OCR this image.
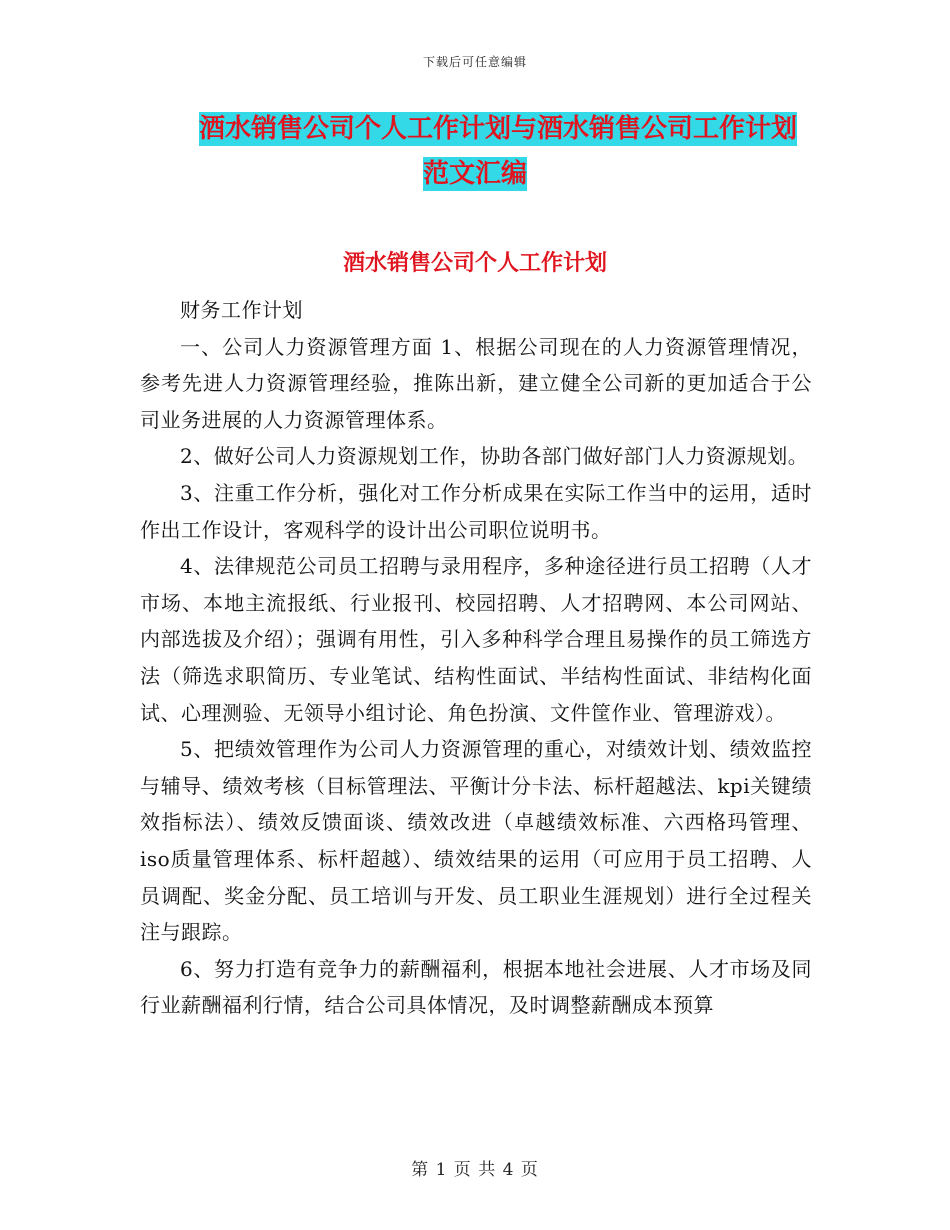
下载后可任意编辑
酒水销售公司个人工作计划与酒水销售公司工作计划
范文汇编
酒水销售公司个人工作计划

财务工作计划

一、公司人力资源管理方面 1、根据公司现在的人力资源管理情况，参考先进人力资源管理经验，推陈出新，建立健全公司新的更加适合于公司业务进展的人力资源管理体系。

2、做好公司人力资源规划工作，协助各部门做好部门人力资源规划。

3、注重工作分析，强化对工作分析成果在实际工作当中的运用，适时作出工作设计，客观科学的设计出公司职位说明书。

4、法律规范公司员工招聘与录用程序，多种途径进行员工招聘（人才市场、本地主流报纸、行业报刊、校园招聘、人才招聘网、本公司网站、内部选拔及介绍）；强调有用性，引入多种科学合理且易操作的员工筛选方法（筛选求职简历、专业笔试、结构性面试、半结构性面试、非结构化面试、心理测验、无领导小组讨论、角色扮演、文件筐作业、管理游戏）。

5、把绩效管理作为公司人力资源管理的重心，对绩效计划、绩效监控与辅导、绩效考核（目标管理法、平衡计分卡法、标杆超越法、kpi关键绩效指标法）、绩效反馈面谈、绩效改进（卓越绩效标准、六西格玛管理、iso质量管理体系、标杆超越）、绩效结果的运用（可应用于员工招聘、人员调配、奖金分配、员工培训与开发、员工职业生涯规划）进行全过程关注与跟踪。

6、努力打造有竞争力的薪酬福利，根据本地社会进展、人才市场及同行业薪酬福利行情，结合公司具体情况，及时调整薪酬成本预算

第 1 页 共 4 页
